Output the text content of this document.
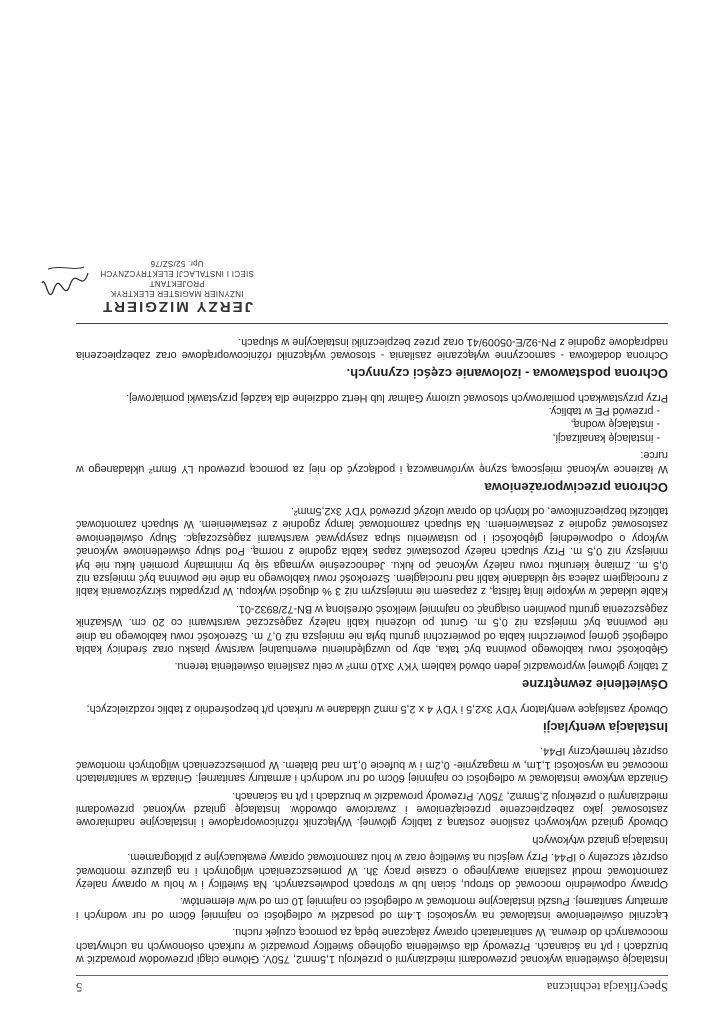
Specyfikacja techniczna
5

Instalację oświetlenia wykonać przewodami miedzianymi o przekroju 1,5mm2, 750V. Główne ciągi przewodów prowadzić w bruzdach i p/t na ścianach. Przewody dla oświetlenia ogólnego świetlicy prowadzić w rurkach osłonowych na uchwytach mocowanych do drewna. W sanitariatach oprawy załączane będą za pomocą czujek ruchu.

Łączniki oświetleniowe instalować na wysokości 1.4m od posadzki w odległości co najmniej 60cm od rur wodnych i armatury sanitarnej. Puszki instalacyjne montować w odległości co najmniej 10 cm od w/w elementów.

Oprawy odpowiednio mocować do stropu, ścian lub w stropach podwieszanych. Na świetlicy i w holu w oprawy należy zamontować moduł zasilania awaryjnego o czasie pracy 3h. W pomieszczeniach wilgotnych i na glazurze montować osprzęt szczelny o IP44. Przy wejściu na świetlicę oraz w holu zamontować oprawy ewakuacyjne z piktogramem.

Instalacja gniazd wtykowych

Obwody gniazd wtykowych zasilone zostaną z tablicy głównej. Wyłącznik różnicowoprądowe i instalacyjne nadmiarowe zastosować jako zabezpieczenie przeciążeniowe i zwarciowe obwodów. Instalację gniazd wykonać przewodami miedzianymi o przekroju 2,5mm2, 750V. Przewody prowadzić w bruzdach i p/t na ścianach.

Gniazda wtykowe instalować w odległości co najmniej 60cm od rur wodnych i armatury sanitarnej. Gniazda w sanitariatach mocować na wysokości 1,1m, w magazynie- 0,2m i w bufecie 0,1m nad blatem. W pomieszczeniach wilgotnych montować osprzęt hermetyczny IP44.

Instalacja wentylacji

Obwody zasilające wentylatory YDY 3x2,5 i YDY 4 x 2,5 mm2 układane w rurkach p/t bezpośrednio z tablic rozdzielczych;

Oświetlenie zewnętrzne

Z tablicy głównej wyprowadzić jeden obwód kablem YKY 3x10 mm² w celu zasilenia oświetlenia terenu.

Głębokość rowu kablowego powinna być taka, aby po uwzględnieniu ewentualnej warstwy piasku oraz średnicy kabla odległość górnej powierzchni kabla od powierzchni gruntu była nie mniejsza niż 0,7 m. Szerokość rowu kablowego na dnie nie powinna być mniejsza niż 0,5 m. Grunt po ułożeniu kabli należy zagęszczać warstwami co 20 cm. Wskaźnik zagęszczenia gruntu powinien osiągnąć co najmniej wielkość określoną w BN-72/8932-01.

Kable układać w wykopie linią falistą, z zapasem nie mniejszym niż 3 % długości wykopu. W przypadku skrzyżowania kabli z rurociągiem zaleca się układanie kabli nad rurociągiem. Szerokość rowu kablowego na dnie nie powinna być mniejsza niż 0,5 m. Zmianę kierunku rowu należy wykonać po łuku. Jednocześnie wymaga się by minimalny promień łuku nie był mniejszy niż 0,5 m. Przy słupach należy pozostawić zapas kabla zgodnie z normą. Pod słupy oświetleniowe wykonać wykopy o odpowiedniej głębokości i po ustawieniu słupa zasypywać warstwami zagęszczając. Słupy oświetleniowe zastosować zgodnie z zestawieniem. Na słupach zamontować lampy zgodnie z zestawieniem. W słupach zamontować tabliczki bezpiecznikowe, od których do opraw ułożyć przewód YDY 3x2,5mm².

Ochrona przeciwporażeniowa

W łazience wykonać miejscową szynę wyrównawczą i podłączyć do niej za pomocą przewodu LY 6mm² układanego w rurce:

- instalację kanalizacji,
- instalację wodną,
- przewód PE w tablicy.

Przy przystawkach pomiarowych stosować uziomy Galmar lub Hertz oddzielne dla każdej przystawki pomiarowej.

Ochrona podstawowa - izolowanie części czynnych.

Ochrona dodatkowa - samoczynne wyłączanie zasilania - stosować wyłączniki różnicowoprądowe oraz zabezpieczenia nadprądowe zgodnie z PN-92/E-05009/41 oraz przez bezpieczniki instalacyjne w słupach.

JERZY MIZGIERT
INŻYNIER MAGISTER ELEKTRYK
PROJEKTANT
SIECI I INSTALACJI ELEKTRYCZNYCH
Upr. 52/SZ/76
